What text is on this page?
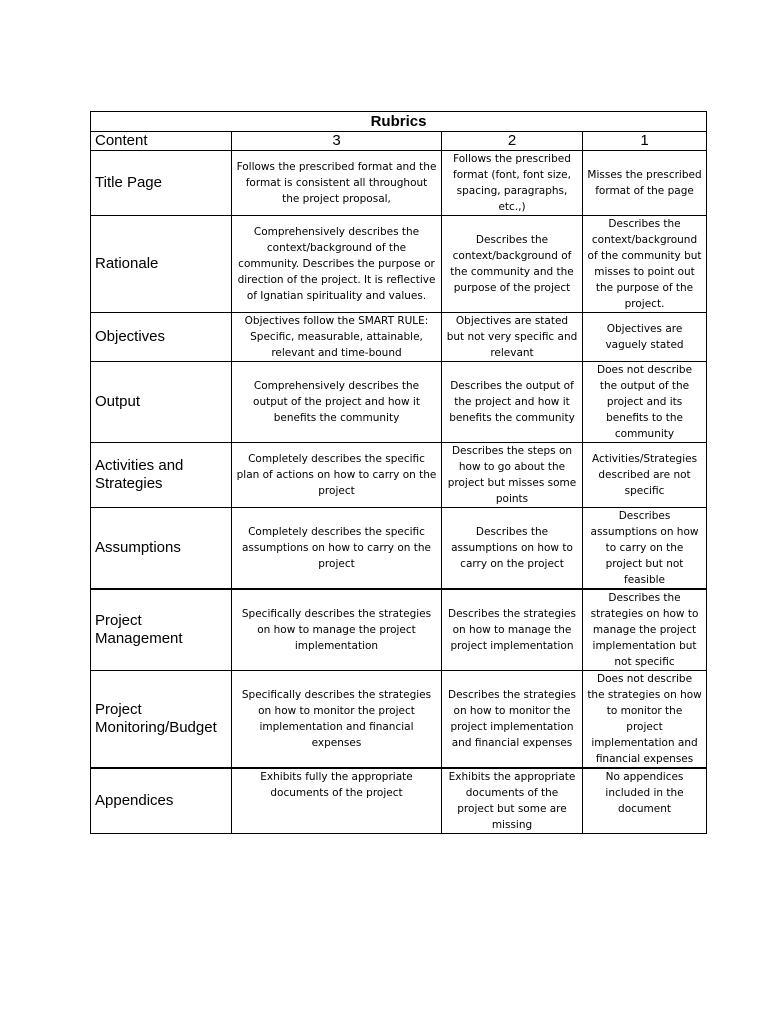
Rubrics			
Content	3	2	1
Title Page	Follows the prescribed format and the format is consistent all throughout the project proposal,	Follows the prescribed format (font, font size, spacing, paragraphs, etc.,)	Misses the prescribed format of the page
Rationale	Comprehensively describes the context/background of the community. Describes the purpose or direction of the project. It is reflective of Ignatian spirituality and values.	Describes the context/background of the community and the purpose of the project	Describes the context/background of the community but misses to point out the purpose of the project.
Objectives	Objectives follow the SMART RULE: Specific, measurable, attainable, relevant and time-bound	Objectives are stated but not very specific and relevant	Objectives are vaguely stated
Output	Comprehensively describes the output of the project and how it benefits the community	Describes the output of the project and how it benefits the community	Does not describe the output of the project and its benefits to the community
Activities and Strategies	Completely describes the specific plan of actions on how to carry on the project	Describes the steps on how to go about the project but misses some points	Activities/Strategies described are not specific
Assumptions	Completely describes the specific assumptions on how to carry on the project	Describes the assumptions on how to carry on the project	Describes assumptions on how to carry on the project but not feasible
Project Management	Specifically describes the strategies on how to manage the project implementation	Describes the strategies on how to manage the project implementation	Describes the strategies on how to manage the project implementation but not specific
Project Monitoring/Budget	Specifically describes the strategies on how to monitor the project implementation and financial expenses	Describes the strategies on how to monitor the project implementation and financial expenses	Does not describe the strategies on how to monitor the project implementation and financial expenses
Appendices	Exhibits fully the appropriate documents of the project	Exhibits the appropriate documents of the project but some are missing	No appendices included in the document
